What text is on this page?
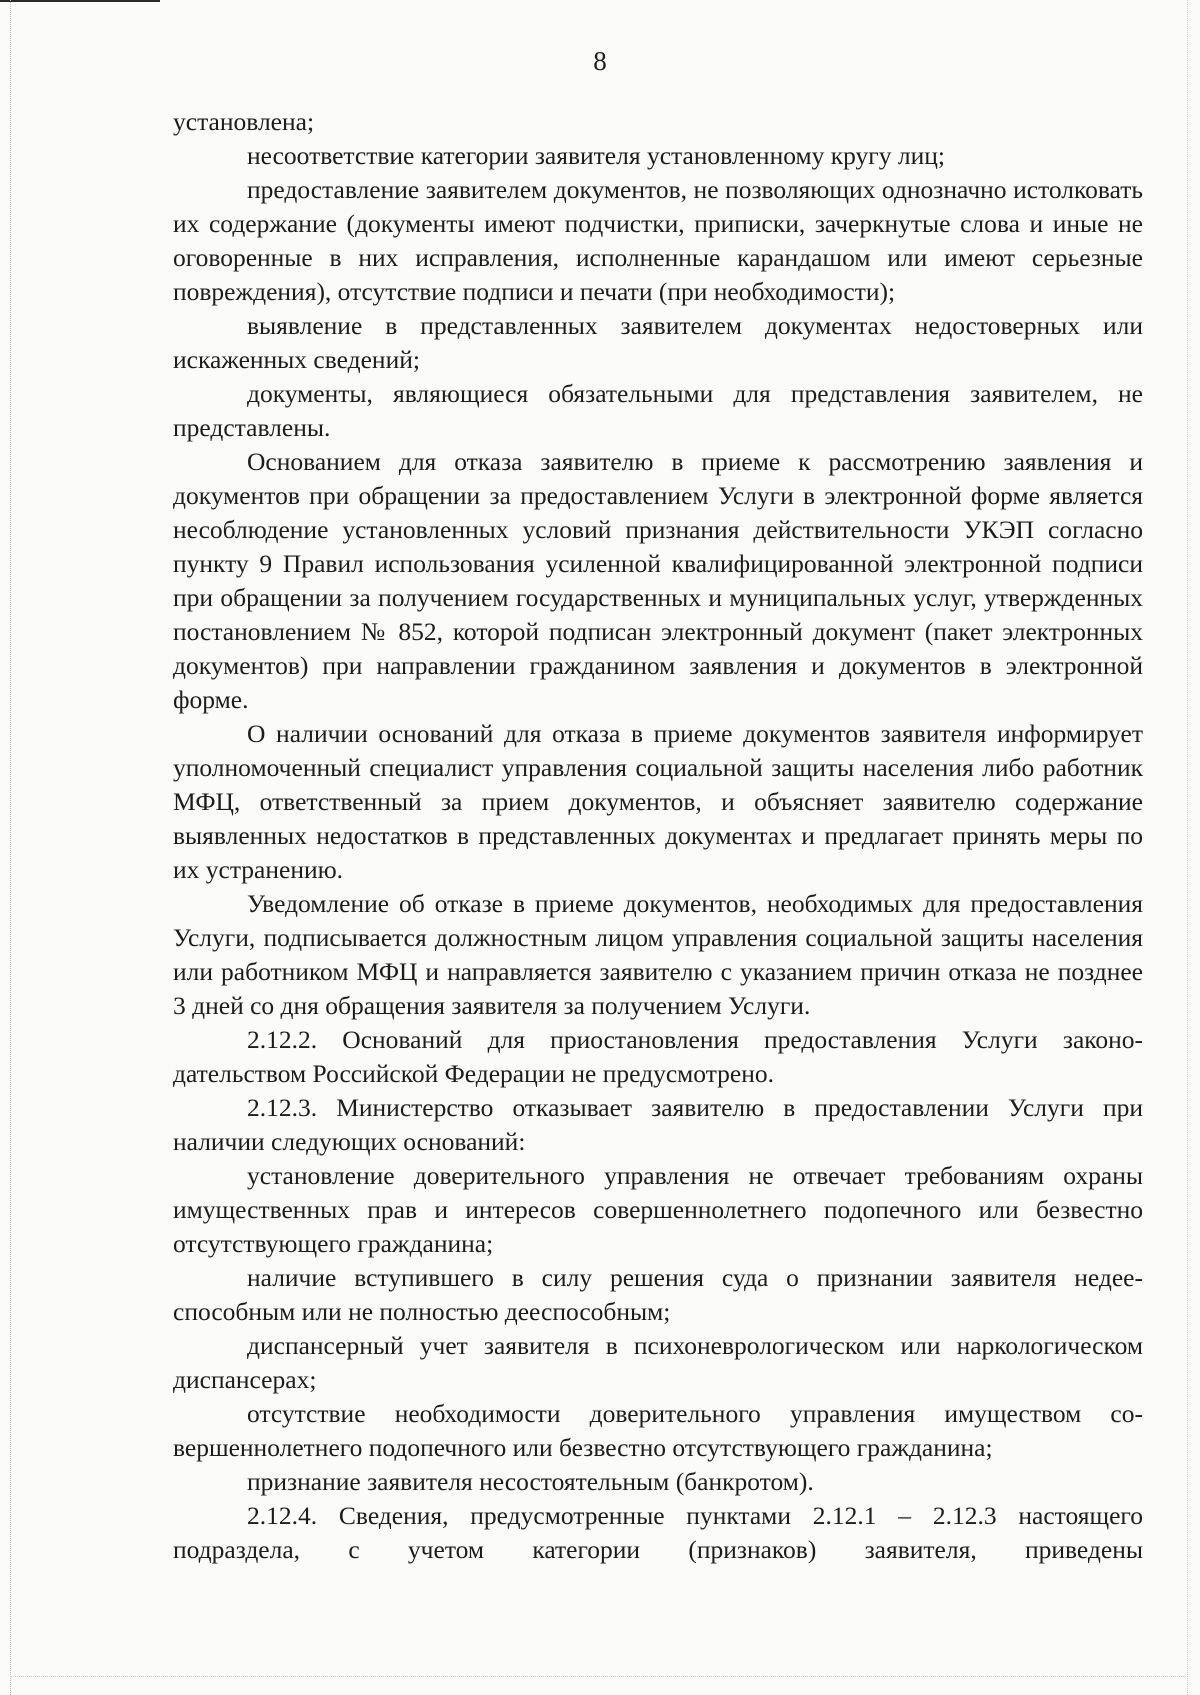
8

установлена;

несоответствие категории заявителя установленному кругу лиц;

предоставление заявителем документов, не позволяющих однозначно истолковать их содержание (документы имеют подчистки, приписки, зачеркнутые слова и иные не оговоренные в них исправления, исполненные карандашом или имеют серьезные повреждения), отсутствие подписи и печати (при необходимости);

выявление в представленных заявителем документах недостоверных или искаженных сведений;

документы, являющиеся обязательными для представления заявителем, не представлены.

Основанием для отказа заявителю в приеме к рассмотрению заявления и документов при обращении за предоставлением Услуги в электронной форме является несоблюдение установленных условий признания действительности УКЭП согласно пункту 9 Правил использования усиленной квалифицированной электронной подписи при обращении за получением государственных и муниципальных услуг, утвержденных постановлением № 852, которой подписан электронный документ (пакет электронных документов) при направлении гражданином заявления и документов в электронной форме.

О наличии оснований для отказа в приеме документов заявителя информирует уполномоченный специалист управления социальной защиты населения либо работник МФЦ, ответственный за прием документов, и объясняет заявителю содержание выявленных недостатков в представленных документах и предлагает принять меры по их устранению.

Уведомление об отказе в приеме документов, необходимых для предоставления Услуги, подписывается должностным лицом управления социальной защиты населения или работником МФЦ и направляется заявителю с указанием причин отказа не позднее 3 дней со дня обращения заявителя за получением Услуги.

2.12.2. Оснований для приостановления предоставления Услуги законодательством Российской Федерации не предусмотрено.

2.12.3. Министерство отказывает заявителю в предоставлении Услуги при наличии следующих оснований:

установление доверительного управления не отвечает требованиям охраны имущественных прав и интересов совершеннолетнего подопечного или безвестно отсутствующего гражданина;

наличие вступившего в силу решения суда о признании заявителя недееспособным или не полностью дееспособным;

диспансерный учет заявителя в психоневрологическом или наркологическом диспансерах;

отсутствие необходимости доверительного управления имуществом совершеннолетнего подопечного или безвестно отсутствующего гражданина;

признание заявителя несостоятельным (банкротом).

2.12.4. Сведения, предусмотренные пунктами 2.12.1 – 2.12.3 настоящего подраздела, с учетом категории (признаков) заявителя, приведены
